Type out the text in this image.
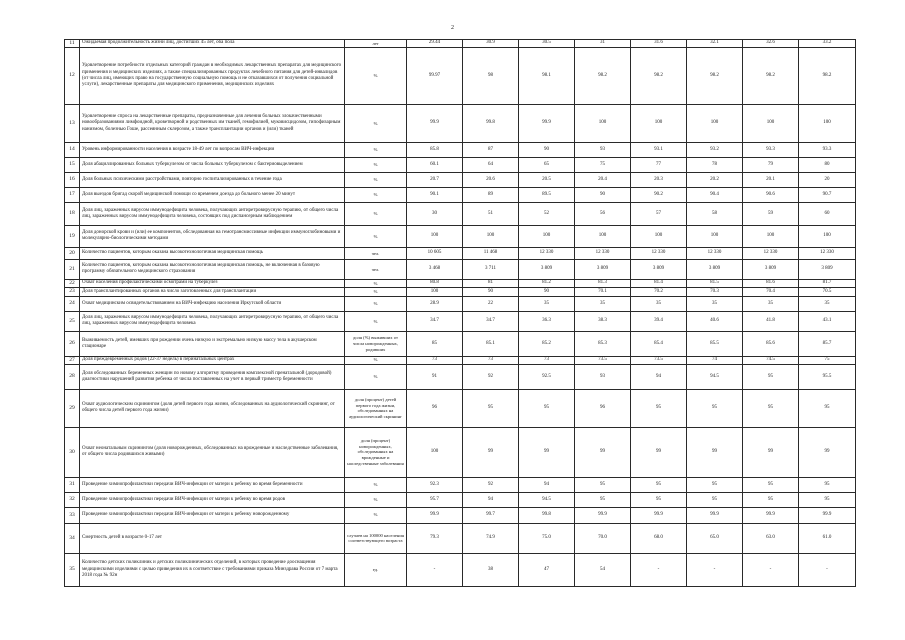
2
11	Ожидаемая продолжительность жизни лиц, достигших 45 лет, оба пола	лет	29.44	30.9	30.5	31	31.6	32.1	32.6	33.2
12	Удовлетворение потребности отдельных категорий граждан в необходимых лекарственных препаратах для медицинского применения и медицинских изделиях, а также специализированных продуктах лечебного питания для детей-инвалидов (от числа лиц, имеющих право на государственную социальную помощь и не отказавшихся от получения социальной услуги), лекарственные препараты для медицинского применения, медицинских изделиях	%	99.97	98	98.1	98.2	98.2	98.2	98.2	98.2
13	Удовлетворение спроса на лекарственные препараты, предназначенные для лечения больных злокачественными новообразованиями лимфоидной, кроветворной и родственных им тканей, гемофилией, муковисцидозом, гипофизарным нанизмом, болезнью Гоше, рассеянным склерозом, а также трансплантации органов и (или) тканей	%	99.9	99.8	99.9	100	100	100	100	100
14	Уровень информированности населения в возрасте 18-49 лет по вопросам ВИЧ-инфекции	%	85.8	87	90	93	93.1	93.2	93.3	93.3
15	Доля абациллированных больных туберкулезом от числа больных туберкулезом с бактериовыделением	%	60.1	64	65	75	77	78	79	80
16	Доля больных психическими расстройствами, повторно госпитализированных в течение года	%	20.7	20.6	20.5	20.4	20.3	20.2	20.1	20
17	Доля выездов бригад скорой медицинской помощи со временем доезда до больного менее 20 минут	%	90.1	89	89.5	90	90.2	90.4	90.6	90.7
18	Доля лиц, зараженных вирусом иммунодефицита человека, получающих антиретровирусную терапию, от общего числа лиц, зараженных вирусом иммунодефицита человека, состоящих под диспансерным наблюдением	%	30	51	52	56	57	58	59	60
19	Доля донорской крови и (или) ее компонентов, обследованная на гемотрансмиссивные инфекции иммуноглобиновыми и молекулярно-биологическими методами	%	100	100	100	100	100	100	100	100
20	Количество пациентов, которым оказана высокотехнологичная медицинская помощь	чел.	10 605	11 468	12 330	12 330	12 330	12 330	12 330	12 330
21	Количество пациентов, которым оказана высокотехнологичная медицинская помощь, не включенная в базовую программу обязательного медицинского страхования	чел.	3 468	3 711	3 809	3 809	3 809	3 809	3 809	3 809
22	Охват населения профилактическими осмотрами на туберкулез	%	80.8	81	81.2	81.3	81.4	81.5	81.6	81.7
23	Доля трансплантированных органов на число заготовленных для трансплантации	%	100	90	90	70.1	70.2	70.3	70.4	70.5
24	Охват медицинским освидетельствованием на ВИЧ-инфекцию населения Иркутской области	%	28.9	22	35	35	35	35	35	35
25	Доля лиц, зараженных вирусом иммунодефицита человека, получающих антиретровирусную терапию, от общего числа лиц, зараженных вирусом иммунодефицита человека	%	34.7	34.7	36.3	38.3	39.4	40.6	41.8	43.1
26	Выживаемость детей, имевших при рождении очень низкую и экстремально низкую массу тела в акушерском стационаре	доля (%) выживших от числа новорожденных, родивших	85	85.1	85.2	85.3	85.4	85.5	85.6	85.7
27	Доля преждевременных родов (22-37 недель) в перинатальных центрах	%	73	73	73	73.5	73.5	74	74.5	75
28	Доля обследованных беременных женщин по новому алгоритму проведения комплексной пренатальной (дородовой) диагностики нарушений развития ребенка от числа поставленных на учет в первый триместр беременности	%	91	92	92.5	93	94	94.5	95	95.5
29	Охват аудиологическим скринингом (доля детей первого года жизни, обследованных на аудиологический скрининг, от общего числа детей первого года жизни)	доля (процент) детей первого года жизни, обследованных на аудиологический скрининг	96	95	95	96	95	95	95	95
30	Охват неонатальным скринингом (доля новорожденных, обследованных на врожденные и наследственные заболевания, от общего числа родившихся живыми)	доля (процент) новорожденных, обследованных на врожденные и наследственные заболевания	100	99	99	99	99	99	99	99
31	Проведение химиопрофилактики передачи ВИЧ-инфекции от матери к ребенку во время беременности	%	92.3	92	94	95	95	95	95	95
32	Проведение химиопрофилактики передачи ВИЧ-инфекции от матери к ребенку во время родов	%	95.7	94	94.5	95	95	95	95	95
33	Проведение химиопрофилактики передачи ВИЧ-инфекции от матери к ребенку новорожденному	%	99.9	99.7	99.8	99.9	99.9	99.9	99.9	99.9
34	Смертность детей в возрасте 0-17 лет	случаев на 100000 населения соответствующего возраста	79.3	74.9	75.0	70.0	68.0	65.0	63.0	61.0
35	Количество детских поликлиник и детских поликлинических отделений, в которых проведение дооснащения медицинскими изделиями с целью приведения их в соответствие с требованиями приказа Минздрава России от 7 марта 2018 года № 92н	ед.	-	38	47	54	-	-	-	-
